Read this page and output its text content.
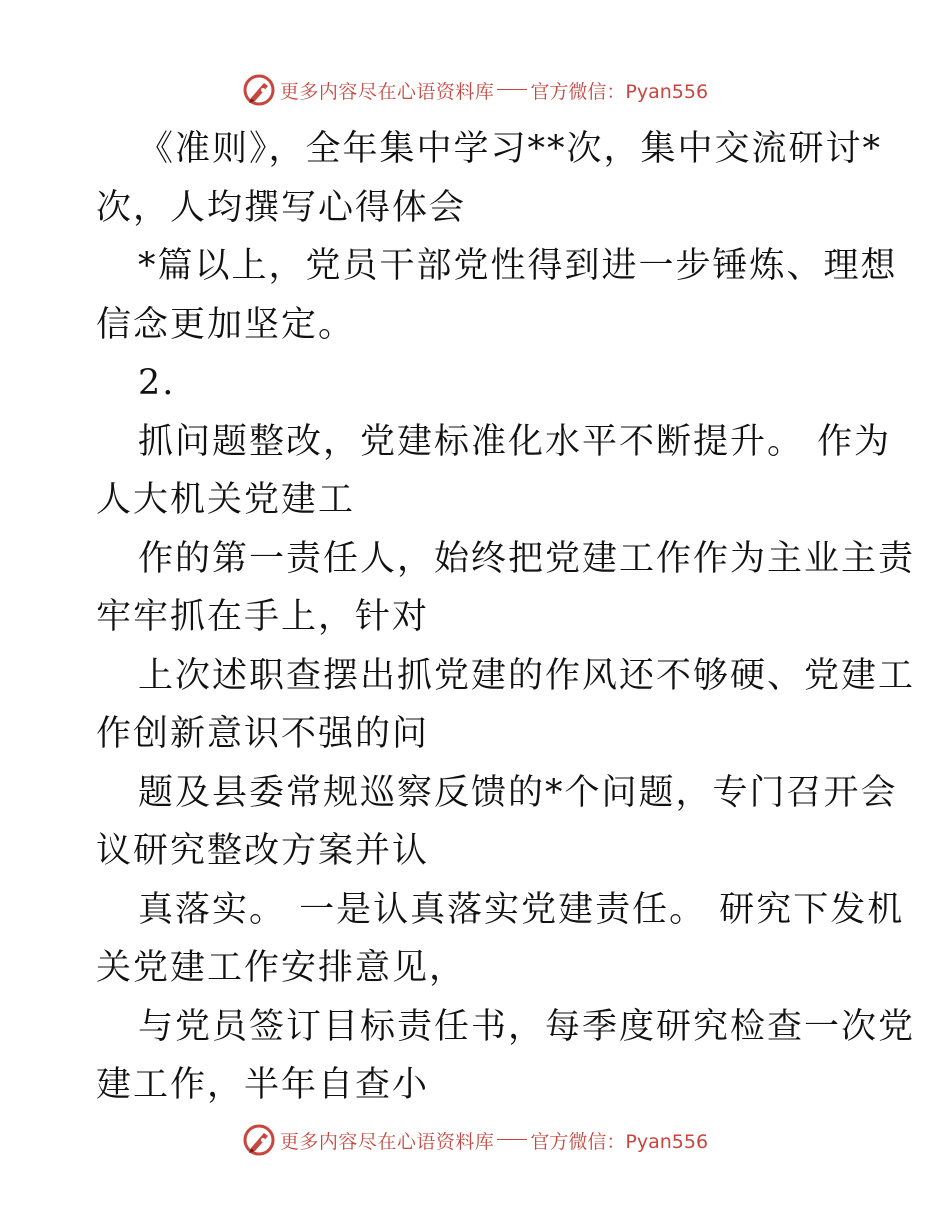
更多内容尽在心语资料库 官方微信：Pyan556
《准则》，全年集中学习**次，集中交流研讨*
次，人均撰写心得体会
*篇以上，党员干部党性得到进一步锤炼、理想
信念更加坚定。
2.
抓问题整改，党建标准化水平不断提升。 作为
人大机关党建工
作的第一责任人，始终把党建工作作为主业主责
牢牢抓在手上，针对
上次述职查摆出抓党建的作风还不够硬、党建工
作创新意识不强的问
题及县委常规巡察反馈的*个问题，专门召开会
议研究整改方案并认
真落实。 一是认真落实党建责任。 研究下发机
关党建工作安排意见，
与党员签订目标责任书，每季度研究检查一次党
建工作，半年自查小
更多内容尽在心语资料库 官方微信：Pyan556
